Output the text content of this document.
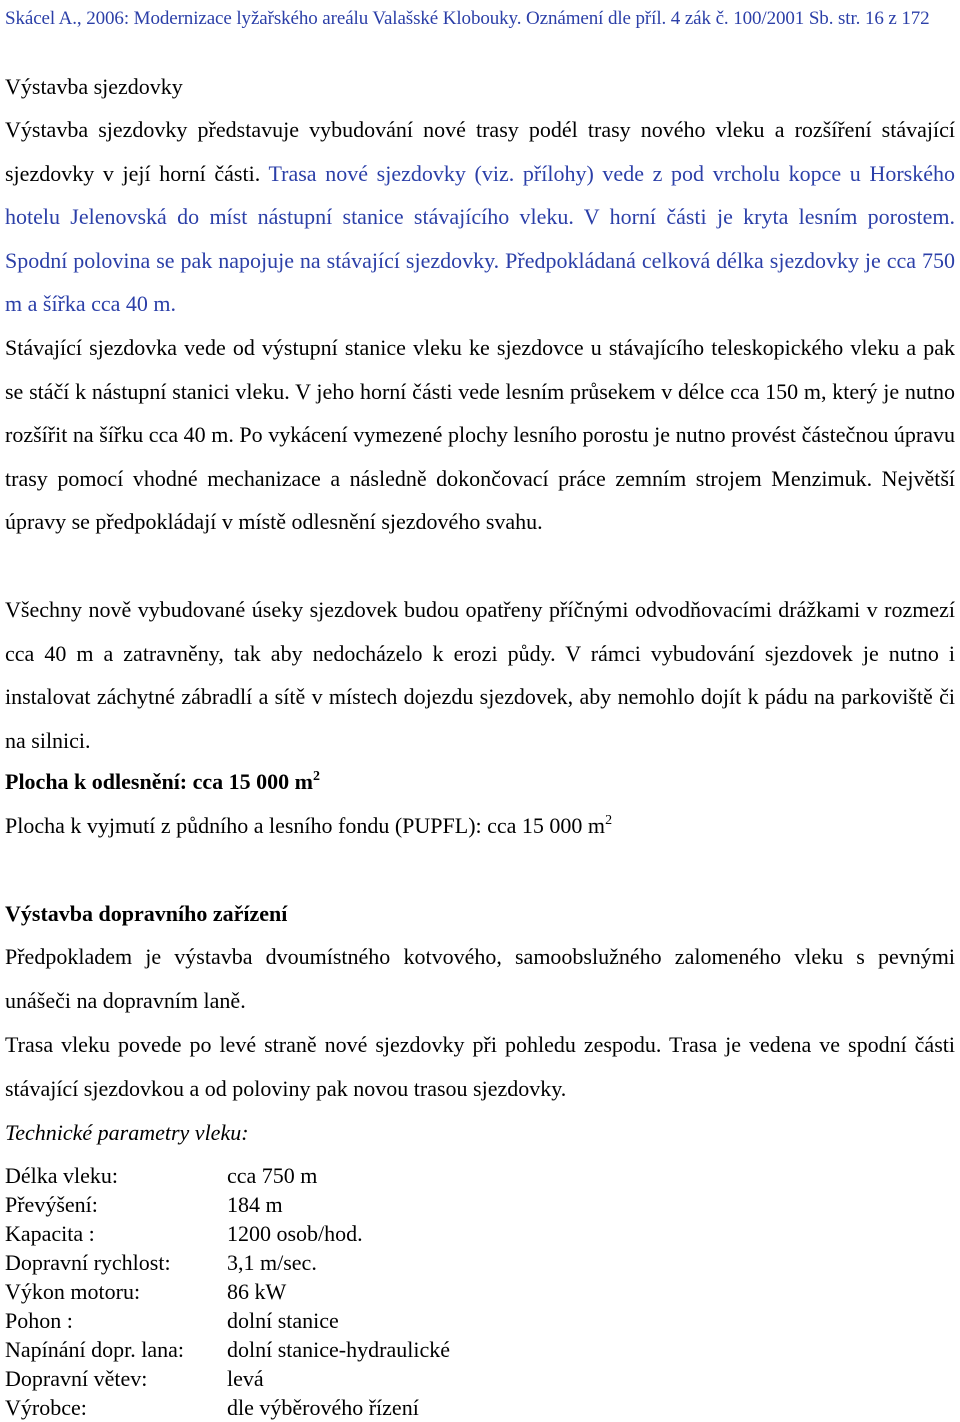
Skácel A., 2006: Modernizace lyžařského areálu Valašské Klobouky. Oznámení dle příl. 4 zák č. 100/2001 Sb. str. 16 z 172
Výstavba sjezdovky
Výstavba sjezdovky představuje vybudování nové trasy podél trasy nového vleku a rozšíření stávající sjezdovky v její horní části. Trasa nové sjezdovky (viz. přílohy) vede z pod vrcholu kopce u Horského hotelu Jelenovská do míst nástupní stanice stávajícího vleku. V horní části je kryta lesním porostem. Spodní polovina se pak napojuje na stávající sjezdovky. Předpokládaná celková délka sjezdovky je cca 750 m a šířka cca 40 m.
Stávající sjezdovka vede od výstupní stanice vleku ke sjezdovce u stávajícího teleskopického vleku a pak se stáčí k nástupní stanici vleku. V jeho horní části vede lesním průsekem v délce cca 150 m, který je nutno rozšířit na šířku cca 40 m. Po vykácení vymezené plochy lesního porostu je nutno provést částečnou úpravu trasy pomocí vhodné mechanizace a následně dokončovací práce zemním strojem Menzimuk. Největší úpravy se předpokládají v místě odlesnění sjezdového svahu.
Všechny nově vybudované úseky sjezdovek budou opatřeny příčnými odvodňovacími drážkami v rozmezí cca 40 m a zatravněny, tak aby nedocházelo k erozi půdy. V rámci vybudování sjezdovek je nutno i instalovat záchytné zábradlí a sítě v místech dojezdu sjezdovek, aby nemohlo dojít k pádu na parkoviště či na silnici.
Plocha k odlesnění: cca 15 000 $m^2$
Plocha k vyjmutí z půdního a lesního fondu (PUPFL): cca 15 000 $m^2$
Výstavba dopravního zařízení
Předpokladem je výstavba dvoumístného kotvového, samoobslužného zalomeného vleku s pevnými unášeči na dopravním laně.
Trasa vleku povede po levé straně nové sjezdovky při pohledu zespodu. Trasa je vedena ve spodní části stávající sjezdovkou a od poloviny pak novou trasou sjezdovky.
Technické parametry vleku:
Délka vleku:	cca 750 m
Převýšení:	184 m
Kapacita :	1200 osob/hod.
Dopravní rychlost:	3,1 m/sec.
Výkon motoru:	86 kW
Pohon :	dolní stanice
Napínání dopr. lana: dolní stanice-hydraulické
Dopravní větev:	levá
Výrobce:	dle výběrového řízení
